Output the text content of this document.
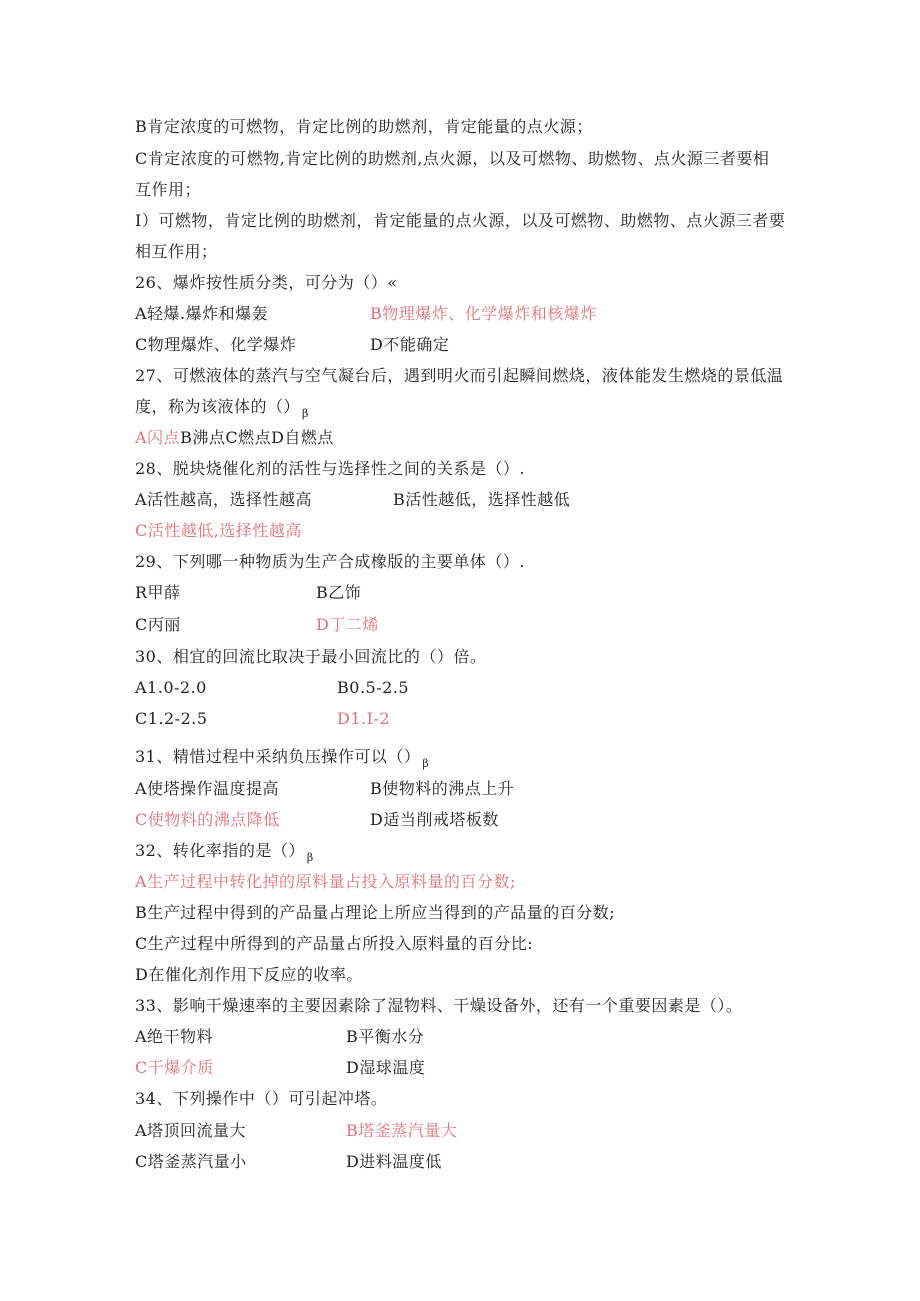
B肯定浓度的可燃物，肯定比例的助燃剂，肯定能量的点火源；
C肯定浓度的可燃物,肯定比例的助燃剂,点火源，以及可燃物、助燃物、点火源三者要相
互作用；
I）可燃物，肯定比例的助燃剂，肯定能量的点火源，以及可燃物、助燃物、点火源三者要
相互作用；
26、爆炸按性质分类，可分为（）«
A轻爆.爆炸和爆轰	B物理爆炸、化学爆炸和核爆炸
C物理爆炸、化学爆炸	D不能确定
27、可燃液体的蒸汽与空气凝台后，遇到明火而引起瞬间燃烧，液体能发生燃烧的景低温
度，称为该液体的（） $_\beta$
A闪点B沸点C燃点D自燃点
28、脱块烧催化剂的活性与选择性之间的关系是（）.
A活性越高，选择性越高	B活性越低，选择性越低
C活性越低,选择性越高
29、下列哪一种物质为生产合成橡版的主要单体（）.
R甲薛	B乙饰
C丙丽	D丁二烯
30、相宜的回流比取决于最小回流比的（）倍。
A1.0-2.0	B0.5-2.5
C1.2-2.5	D1.I-2
31、精惜过程中采纳负压操作可以（） $_\beta$
A使塔操作温度提高	B使物料的沸点上升
C使物料的沸点降低	D适当削戒塔板数
32、转化率指的是（） $_\beta$
A生产过程中转化掉的原料量占投入原料量的百分数;
B生产过程中得到的产品量占理论上所应当得到的产品量的百分数;
C生产过程中所得到的产品量占所投入原料量的百分比:
D在催化剂作用下反应的收率。
33、影响干燥速率的主要因素除了湿物料、干燥设备外，还有一个重要因素是（）。
A绝干物料	B平衡水分
C干爆介质	D湿球温度
34、下列操作中（）可引起冲塔。
A塔顶回流量大	B塔釜蒸汽量大
C塔釜蒸汽量小	D进料温度低
